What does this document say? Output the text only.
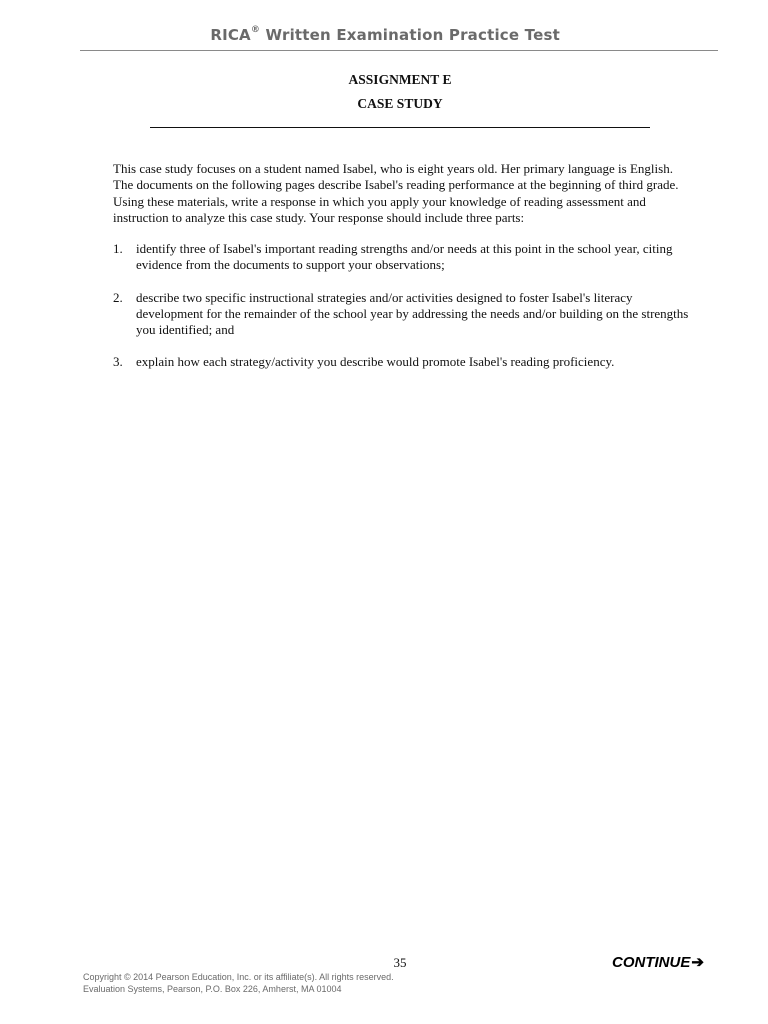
RICA® Written Examination Practice Test
ASSIGNMENT E
CASE STUDY

This case study focuses on a student named Isabel, who is eight years old. Her primary language is English. The documents on the following pages describe Isabel's reading performance at the beginning of third grade. Using these materials, write a response in which you apply your knowledge of reading assessment and instruction to analyze this case study. Your response should include three parts:

1.	identify three of Isabel's important reading strengths and/or needs at this point in the school year, citing evidence from the documents to support your observations;
2.	describe two specific instructional strategies and/or activities designed to foster Isabel's literacy development for the remainder of the school year by addressing the needs and/or building on the strengths you identified; and
3.	explain how each strategy/activity you describe would promote Isabel's reading proficiency.
35	CONTINUE ➔
Copyright © 2014 Pearson Education, Inc. or its affiliate(s). All rights reserved.
Evaluation Systems, Pearson, P.O. Box 226, Amherst, MA 01004
